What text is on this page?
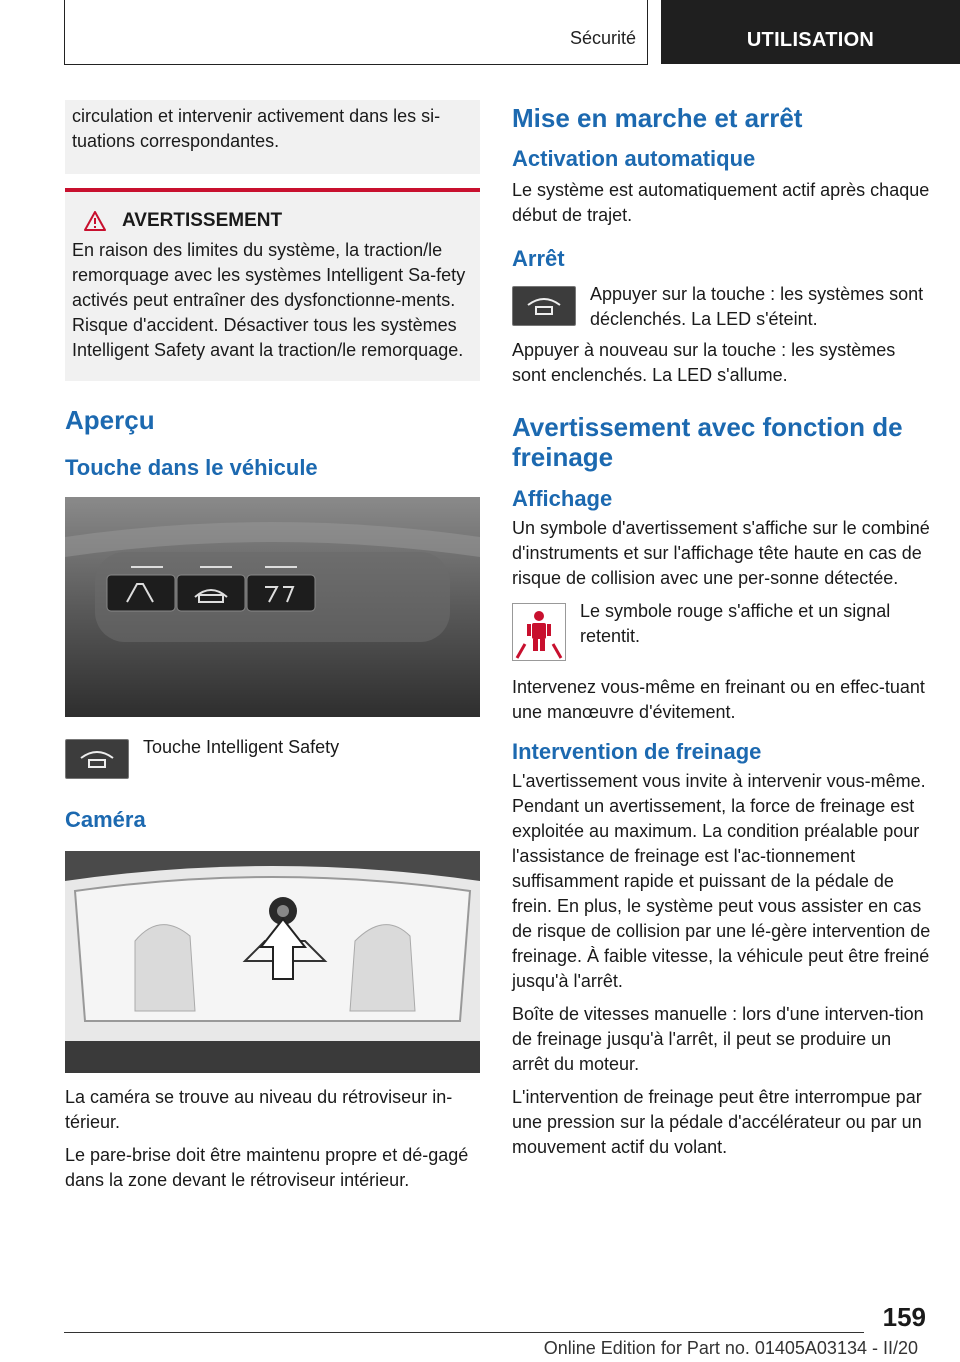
Sécurité	UTILISATION

circulation et intervenir activement dans les si-tuations correspondantes.

AVERTISSEMENT

En raison des limites du système, la traction/le remorquage avec les systèmes Intelligent Sa-fety activés peut entraîner des dysfonctionne-ments. Risque d'accident. Désactiver tous les systèmes Intelligent Safety avant la traction/le remorquage.

Aperçu
Touche dans le véhicule

Touche Intelligent Safety

Caméra

La caméra se trouve au niveau du rétroviseur in-térieur.

Le pare-brise doit être maintenu propre et dé-gagé dans la zone devant le rétroviseur intérieur.

Mise en marche et arrêt
Activation automatique

Le système est automatiquement actif après chaque début de trajet.

Arrêt

Appuyer sur la touche : les systèmes sont déclenchés. La LED s'éteint.

Appuyer à nouveau sur la touche : les systèmes sont enclenchés. La LED s'allume.

Avertissement avec fonction de freinage
Affichage

Un symbole d'avertissement s'affiche sur le combiné d'instruments et sur l'affichage tête haute en cas de risque de collision avec une per-sonne détectée.

Le symbole rouge s'affiche et un signal retentit.

Intervenez vous-même en freinant ou en effec-tuant une manœuvre d'évitement.

Intervention de freinage

L'avertissement vous invite à intervenir vous-même. Pendant un avertissement, la force de freinage est exploitée au maximum. La condition préalable pour l'assistance de freinage est l'ac-tionnement suffisamment rapide et puissant de la pédale de frein. En plus, le système peut vous assister en cas de risque de collision par une lé-gère intervention de freinage. À faible vitesse, la véhicule peut être freiné jusqu'à l'arrêt.

Boîte de vitesses manuelle : lors d'une interven-tion de freinage jusqu'à l'arrêt, il peut se produire un arrêt du moteur.

L'intervention de freinage peut être interrompue par une pression sur la pédale d'accélérateur ou par un mouvement actif du volant.

159
Online Edition for Part no. 01405A03134 - II/20
